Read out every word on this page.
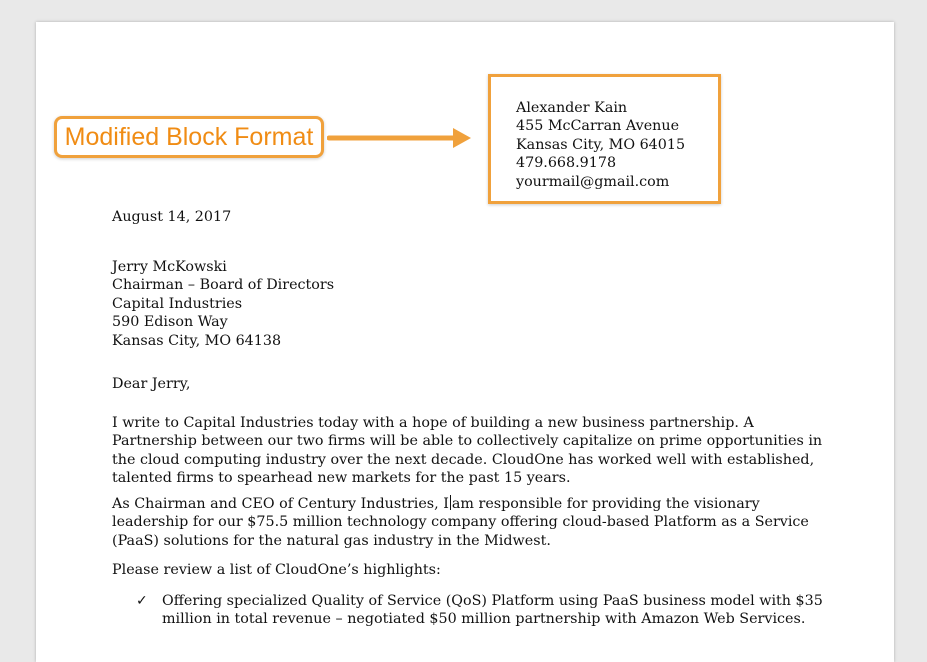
Modified Block Format
Alexander Kain
455 McCarran Avenue
Kansas City, MO 64015
479.668.9178
yourmail@gmail.com
August 14, 2017
Jerry McKowski
Chairman – Board of Directors
Capital Industries
590 Edison Way
Kansas City, MO 64138
Dear Jerry,
I write to Capital Industries today with a hope of building a new business partnership. A
Partnership between our two firms will be able to collectively capitalize on prime opportunities in
the cloud computing industry over the next decade. CloudOne has worked well with established,
talented firms to spearhead new markets for the past 15 years.
As Chairman and CEO of Century Industries, I am responsible for providing the visionary
leadership for our $75.5 million technology company offering cloud-based Platform as a Service
(PaaS) solutions for the natural gas industry in the Midwest.
Please review a list of CloudOne’s highlights:
✓ Offering specialized Quality of Service (QoS) Platform using PaaS business model with $35
million in total revenue – negotiated $50 million partnership with Amazon Web Services.
